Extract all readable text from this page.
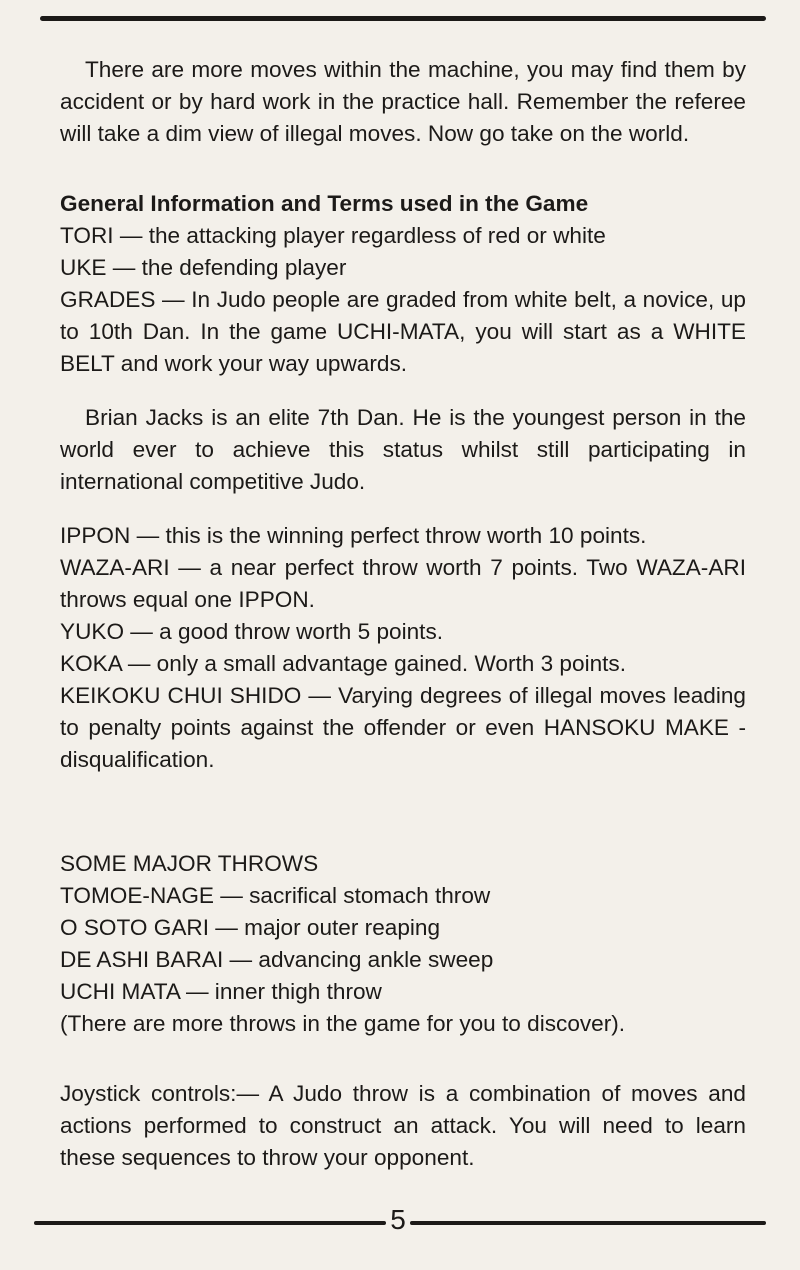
There are more moves within the machine, you may find them by accident or by hard work in the practice hall. Remember the referee will take a dim view of illegal moves. Now go take on the world.

General Information and Terms used in the Game

TORI — the attacking player regardless of red or white

UKE — the defending player

GRADES — In Judo people are graded from white belt, a novice, up to 10th Dan. In the game UCHI-MATA, you will start as a WHITE BELT and work your way upwards.

Brian Jacks is an elite 7th Dan. He is the youngest person in the world ever to achieve this status whilst still participating in international competitive Judo.

IPPON — this is the winning perfect throw worth 10 points.

WAZA-ARI — a near perfect throw worth 7 points. Two WAZA-ARI throws equal one IPPON.

YUKO — a good throw worth 5 points.

KOKA — only a small advantage gained. Worth 3 points.

KEIKOKU CHUI SHIDO — Varying degrees of illegal moves leading to penalty points against the offender or even HANSOKU MAKE - disqualification.

SOME MAJOR THROWS

TOMOE-NAGE — sacrifical stomach throw

O SOTO GARI — major outer reaping

DE ASHI BARAI — advancing ankle sweep

UCHI MATA — inner thigh throw

(There are more throws in the game for you to discover).

Joystick controls:— A Judo throw is a combination of moves and actions performed to construct an attack. You will need to learn these sequences to throw your opponent.

5
